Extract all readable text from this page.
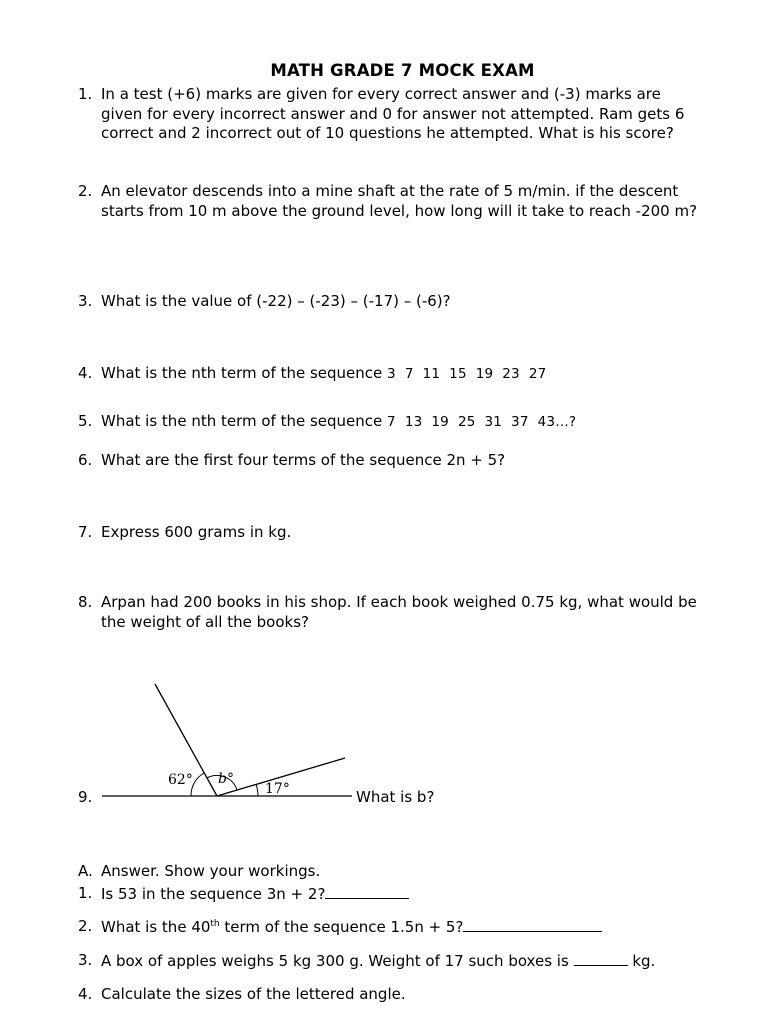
MATH GRADE 7 MOCK EXAM
1. In a test (+6) marks are given for every correct answer and (-3) marks are given for every incorrect answer and 0 for answer not attempted. Ram gets 6 correct and 2 incorrect out of 10 questions he attempted. What is his score?
2. An elevator descends into a mine shaft at the rate of 5 m/min. if the descent starts from 10 m above the ground level, how long will it take to reach -200 m?
3. What is the value of (-22) – (-23) – (-17) – (-6)?
4. What is the nth term of the sequence 3  7  11  15  19  23  27
5. What is the nth term of the sequence 7  13  19  25  31  37  43…?
6. What are the first four terms of the sequence 2n + 5?
7. Express 600 grams in kg.
8. Arpan had 200 books in his shop. If each book weighed 0.75 kg, what would be the weight of all the books?
62° b°
17°
9.	What is b?
A. Answer. Show your workings.
1. Is 53 in the sequence 3n + 2?
2. What is the 40th term of the sequence 1.5n + 5?
3. A box of apples weighs 5 kg 300 g. Weight of 17 such boxes is	kg.
4. Calculate the sizes of the lettered angle.
